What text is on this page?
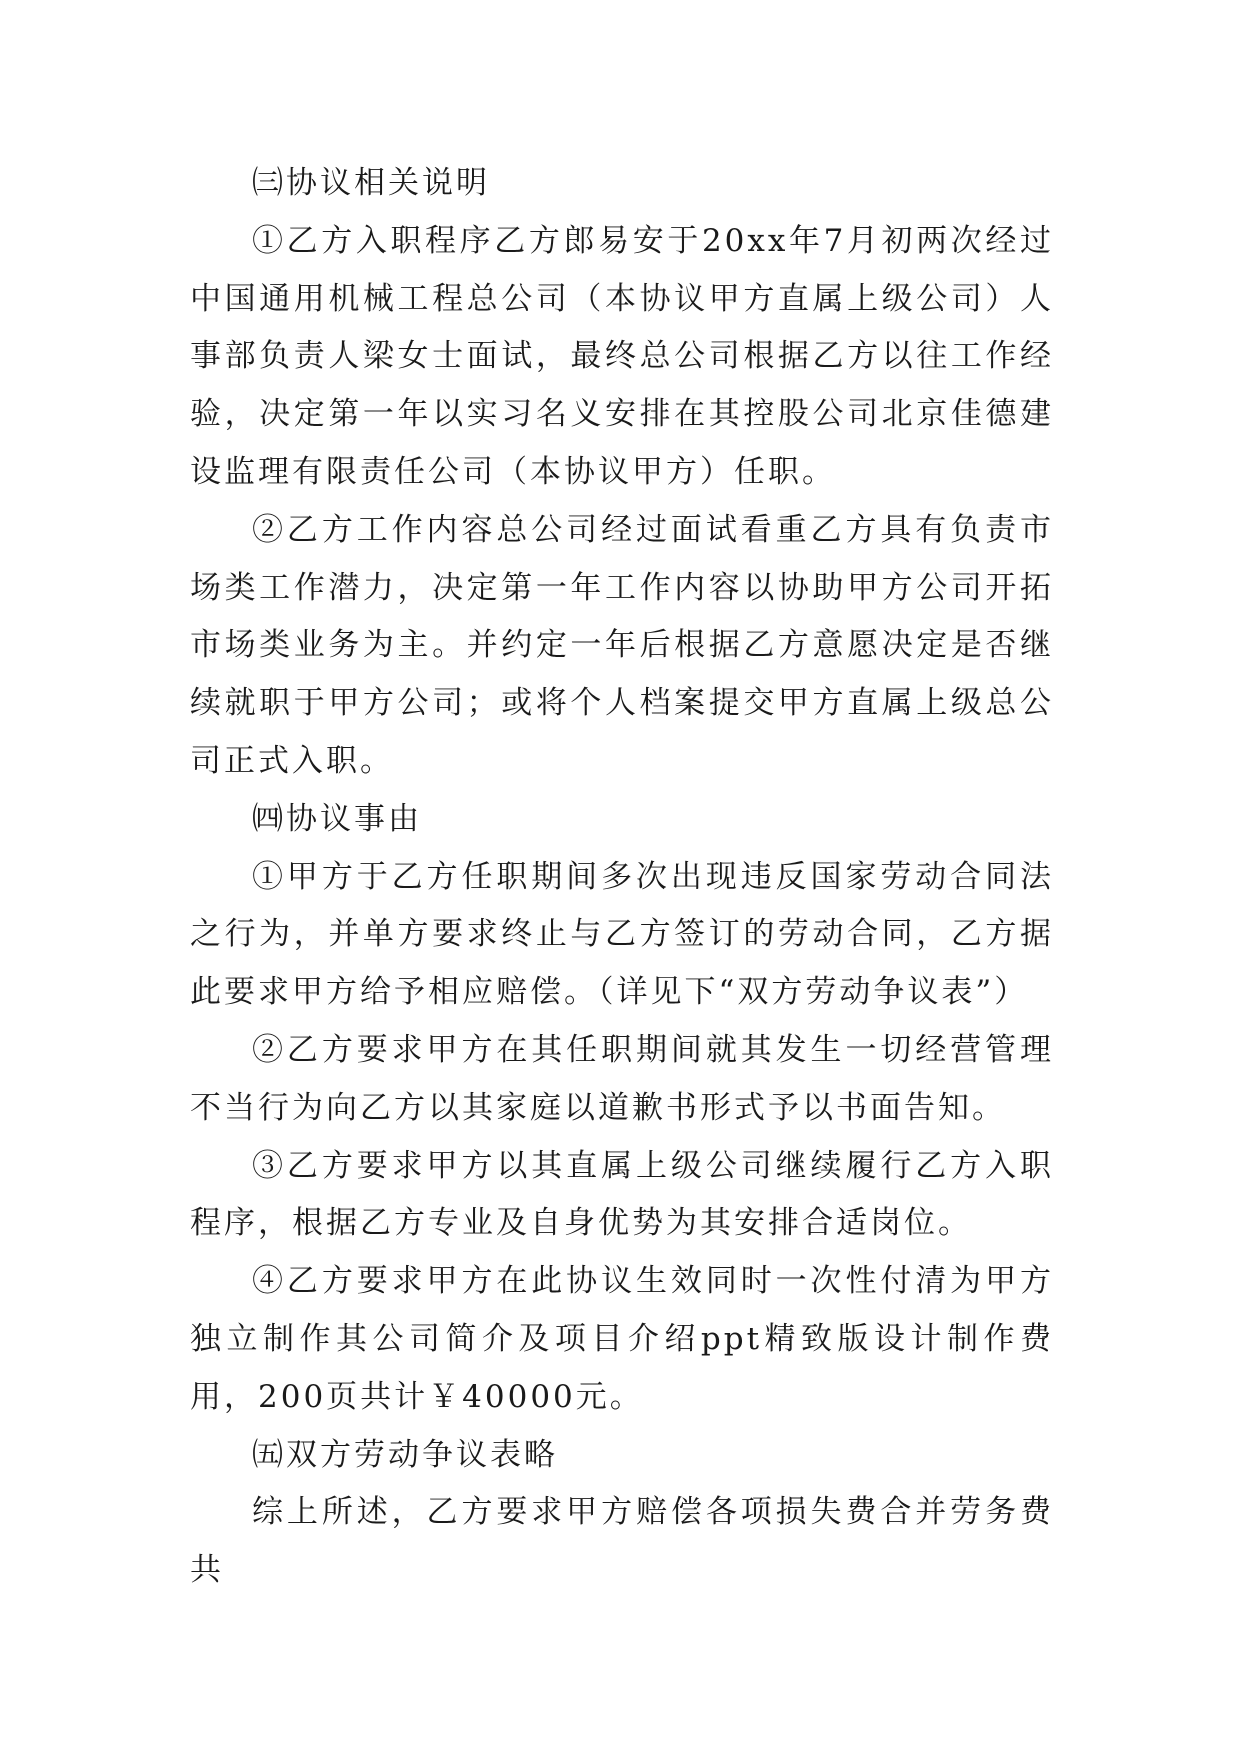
㈢协议相关说明

①乙方入职程序乙方郎易安于20xx年7月初两次经过中国通用机械工程总公司（本协议甲方直属上级公司）人事部负责人梁女士面试，最终总公司根据乙方以往工作经验，决定第一年以实习名义安排在其控股公司北京佳德建设监理有限责任公司（本协议甲方）任职。

②乙方工作内容总公司经过面试看重乙方具有负责市场类工作潜力，决定第一年工作内容以协助甲方公司开拓市场类业务为主。并约定一年后根据乙方意愿决定是否继续就职于甲方公司；或将个人档案提交甲方直属上级总公司正式入职。

㈣协议事由

①甲方于乙方任职期间多次出现违反国家劳动合同法之行为，并单方要求终止与乙方签订的劳动合同，乙方据此要求甲方给予相应赔偿。（详见下“双方劳动争议表”）

②乙方要求甲方在其任职期间就其发生一切经营管理不当行为向乙方以其家庭以道歉书形式予以书面告知。

③乙方要求甲方以其直属上级公司继续履行乙方入职程序，根据乙方专业及自身优势为其安排合适岗位。

④乙方要求甲方在此协议生效同时一次性付清为甲方独立制作其公司简介及项目介绍ppt精致版设计制作费用，200页共计￥40000元。

㈤双方劳动争议表略

综上所述，乙方要求甲方赔偿各项损失费合并劳务费共
